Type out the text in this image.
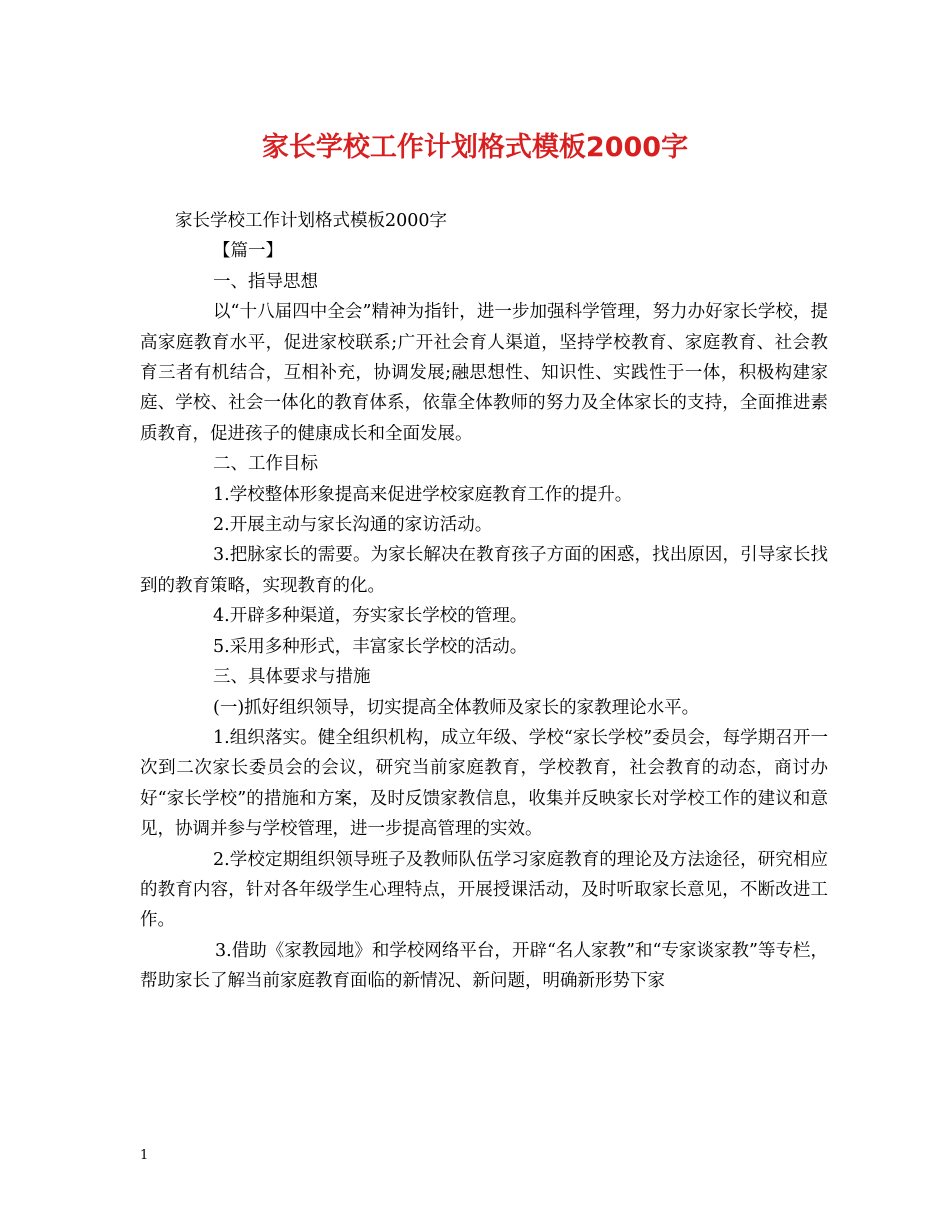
家长学校工作计划格式模板2000字

家长学校工作计划格式模板2000字

【篇一】

一、指导思想

以“十八届四中全会”精神为指针，进一步加强科学管理，努力办好家长学校，提高家庭教育水平，促进家校联系;广开社会育人渠道，坚持学校教育、家庭教育、社会教育三者有机结合，互相补充，协调发展;融思想性、知识性、实践性于一体，积极构建家庭、学校、社会一体化的教育体系，依靠全体教师的努力及全体家长的支持，全面推进素质教育，促进孩子的健康成长和全面发展。

二、工作目标

1.学校整体形象提高来促进学校家庭教育工作的提升。

2.开展主动与家长沟通的家访活动。

3.把脉家长的需要。为家长解决在教育孩子方面的困惑，找出原因，引导家长找到的教育策略，实现教育的化。

4.开辟多种渠道，夯实家长学校的管理。

5.采用多种形式，丰富家长学校的活动。

三、具体要求与措施

(一)抓好组织领导，切实提高全体教师及家长的家教理论水平。

1.组织落实。健全组织机构，成立年级、学校“家长学校”委员会，每学期召开一次到二次家长委员会的会议，研究当前家庭教育，学校教育，社会教育的动态，商讨办好“家长学校”的措施和方案，及时反馈家教信息，收集并反映家长对学校工作的建议和意见，协调并参与学校管理，进一步提高管理的实效。

2.学校定期组织领导班子及教师队伍学习家庭教育的理论及方法途径，研究相应的教育内容，针对各年级学生心理特点，开展授课活动，及时听取家长意见，不断改进工作。

3.借助《家教园地》和学校网络平台，开辟“名人家教”和“专家谈家教”等专栏，帮助家长了解当前家庭教育面临的新情况、新问题，明确新形势下家

1
